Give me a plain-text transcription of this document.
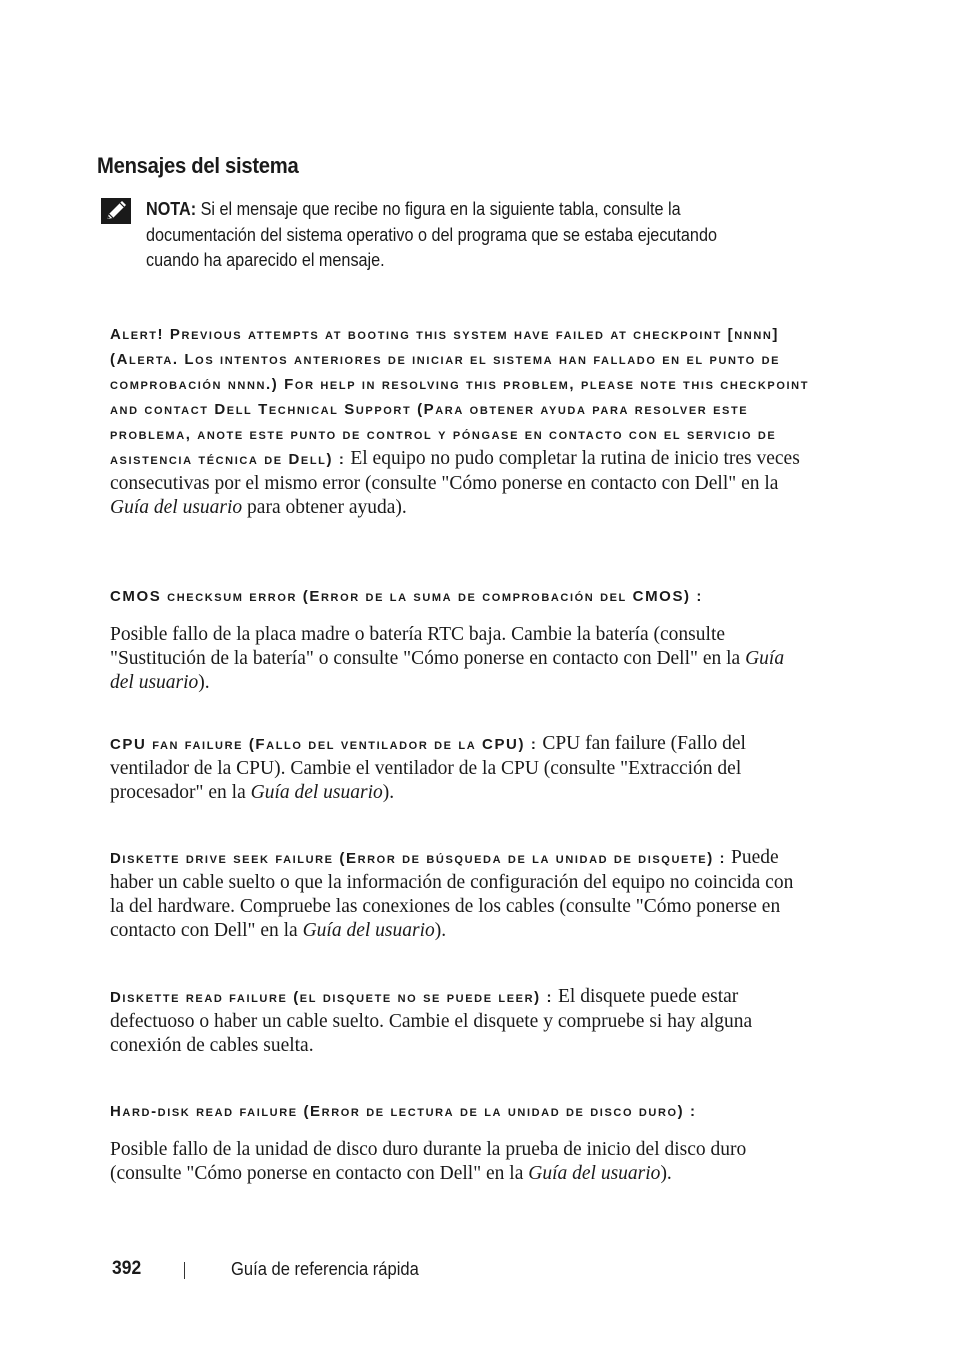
Mensajes del sistema
NOTA: Si el mensaje que recibe no figura en la siguiente tabla, consulte la documentación del sistema operativo o del programa que se estaba ejecutando cuando ha aparecido el mensaje.
Alert! Previous attempts at booting this system have failed at checkpoint [nnnn] (Alerta. Los intentos anteriores de iniciar el sistema han fallado en el punto de comprobación nnnn.) For help in resolving this problem, please note this checkpoint and contact Dell Technical Support (Para obtener ayuda para resolver este problema, anote este punto de control y póngase en contacto con el servicio de asistencia técnica de Dell) : El equipo no pudo completar la rutina de inicio tres veces consecutivas por el mismo error (consulte "Cómo ponerse en contacto con Dell" en la Guía del usuario para obtener ayuda).
CMOS checksum error (Error de la suma de comprobación del CMOS) :
Posible fallo de la placa madre o batería RTC baja. Cambie la batería (consulte "Sustitución de la batería" o consulte "Cómo ponerse en contacto con Dell" en la Guía del usuario).
CPU fan failure (Fallo del ventilador de la CPU) : CPU fan failure (Fallo del ventilador de la CPU). Cambie el ventilador de la CPU (consulte "Extracción del procesador" en la Guía del usuario).
Diskette drive seek failure (Error de búsqueda de la unidad de disquete) : Puede haber un cable suelto o que la información de configuración del equipo no coincida con la del hardware. Compruebe las conexiones de los cables (consulte "Cómo ponerse en contacto con Dell" en la Guía del usuario).
Diskette read failure (el disquete no se puede leer) : El disquete puede estar defectuoso o haber un cable suelto. Cambie el disquete y compruebe si hay alguna conexión de cables suelta.
Hard-disk read failure (Error de lectura de la unidad de disco duro) :
Posible fallo de la unidad de disco duro durante la prueba de inicio del disco duro (consulte "Cómo ponerse en contacto con Dell" en la Guía del usuario).
392	Guía de referencia rápida
